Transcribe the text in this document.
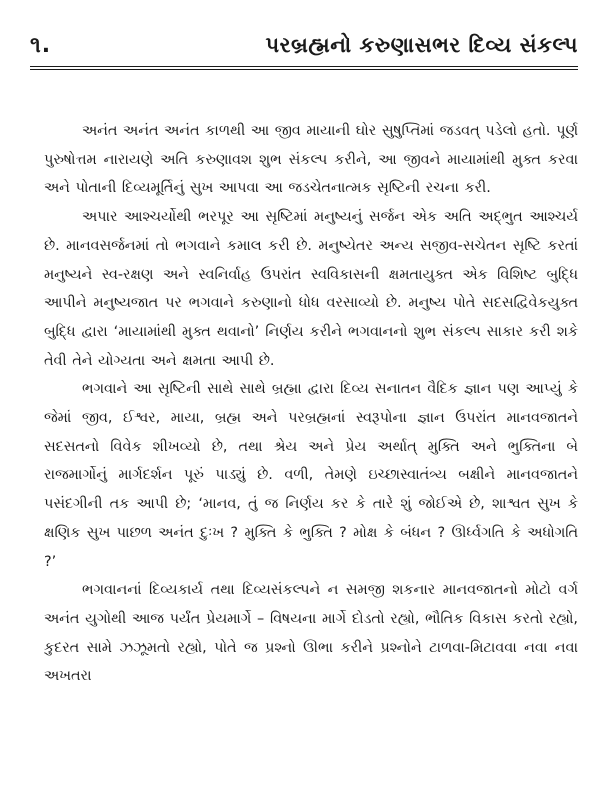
૧.	પરબ્રહ્મનો કરુણાસભર દિવ્ય સંકલ્પ

અનંત અનંત અનંત કાળથી આ જીવ માયાની ઘોર સુષુપ્તિમાં જડવત્ પડેલો હતો. પૂર્ણ પુરુષોત્તમ નારાયણે અતિ કરુણાવશ શુભ સંકલ્પ કરીને, આ જીવને માયામાંથી મુક્ત કરવા અને પોતાની દિવ્યમૂર્તિનું સુખ આપવા આ જડચેતનાત્મક સૃષ્ટિની રચના કરી.

અપાર આશ્ચર્યોથી ભરપૂર આ સૃષ્ટિમાં મનુષ્યનું સર્જન એક અતિ અદ્ભુત આશ્ચર્ય છે. માનવસર્જનમાં તો ભગવાને કમાલ કરી છે. મનુષ્યેતર અન્ય સજીવ-સચેતન સૃષ્ટિ કરતાં મનુષ્યને સ્વ-રક્ષણ અને સ્વનિર્વાહ ઉપરાંત સ્વવિકાસની ક્ષમતાયુક્ત એક વિશિષ્ટ બુદ્ધિ આપીને મનુષ્યજાત પર ભગવાને કરુણાનો ધોધ વરસાવ્યો છે. મનુષ્ય પોતે સદસદ્વિવેકયુક્ત બુદ્ધિ દ્વારા ‘માયામાંથી મુક્ત થવાનો’ નિર્ણય કરીને ભગવાનનો શુભ સંકલ્પ સાકાર કરી શકે તેવી તેને યોગ્યતા અને ક્ષમતા આપી છે.

ભગવાને આ સૃષ્ટિની સાથે સાથે બ્રહ્મા દ્વારા દિવ્ય સનાતન વૈદિક જ્ઞાન પણ આપ્યું કે જેમાં જીવ, ઈશ્વર, માયા, બ્રહ્મ અને પરબ્રહ્મનાં સ્વરૂપોના જ્ઞાન ઉપરાંત માનવજાતને સદસતનો વિવેક શીખવ્યો છે, તથા શ્રેય અને પ્રેય અર્થાત્ મુક્તિ અને ભુક્તિના બે રાજમાર્ગોનું માર્ગદર્શન પૂરું પાડ્યું છે. વળી, તેમણે ઇચ્છાસ્વાતંત્ર્ય બક્ષીને માનવજાતને પસંદગીની તક આપી છે; ‘માનવ, તું જ નિર્ણય કર કે તારે શું જોઈએ છે, શાશ્વત સુખ કે ક્ષણિક સુખ પાછળ અનંત દુઃખ ? મુક્તિ કે ભુક્તિ ? મોક્ષ કે બંધન ? ઊર્ધ્વગતિ કે અધોગતિ ?’

ભગવાનનાં દિવ્યકાર્ય તથા દિવ્યસંકલ્પને ન સમજી શકનાર માનવજાતનો મોટો વર્ગ અનંત યુગોથી આજ પર્યંત પ્રેયમાર્ગે – વિષયના માર્ગે દોડતો રહ્યો, ભૌતિક વિકાસ કરતો રહ્યો, કુદરત સામે ઝઝૂમતો રહ્યો, પોતે જ પ્રશ્નો ઊભા કરીને પ્રશ્નોને ટાળવા-મિટાવવા નવા નવા અખતરા
